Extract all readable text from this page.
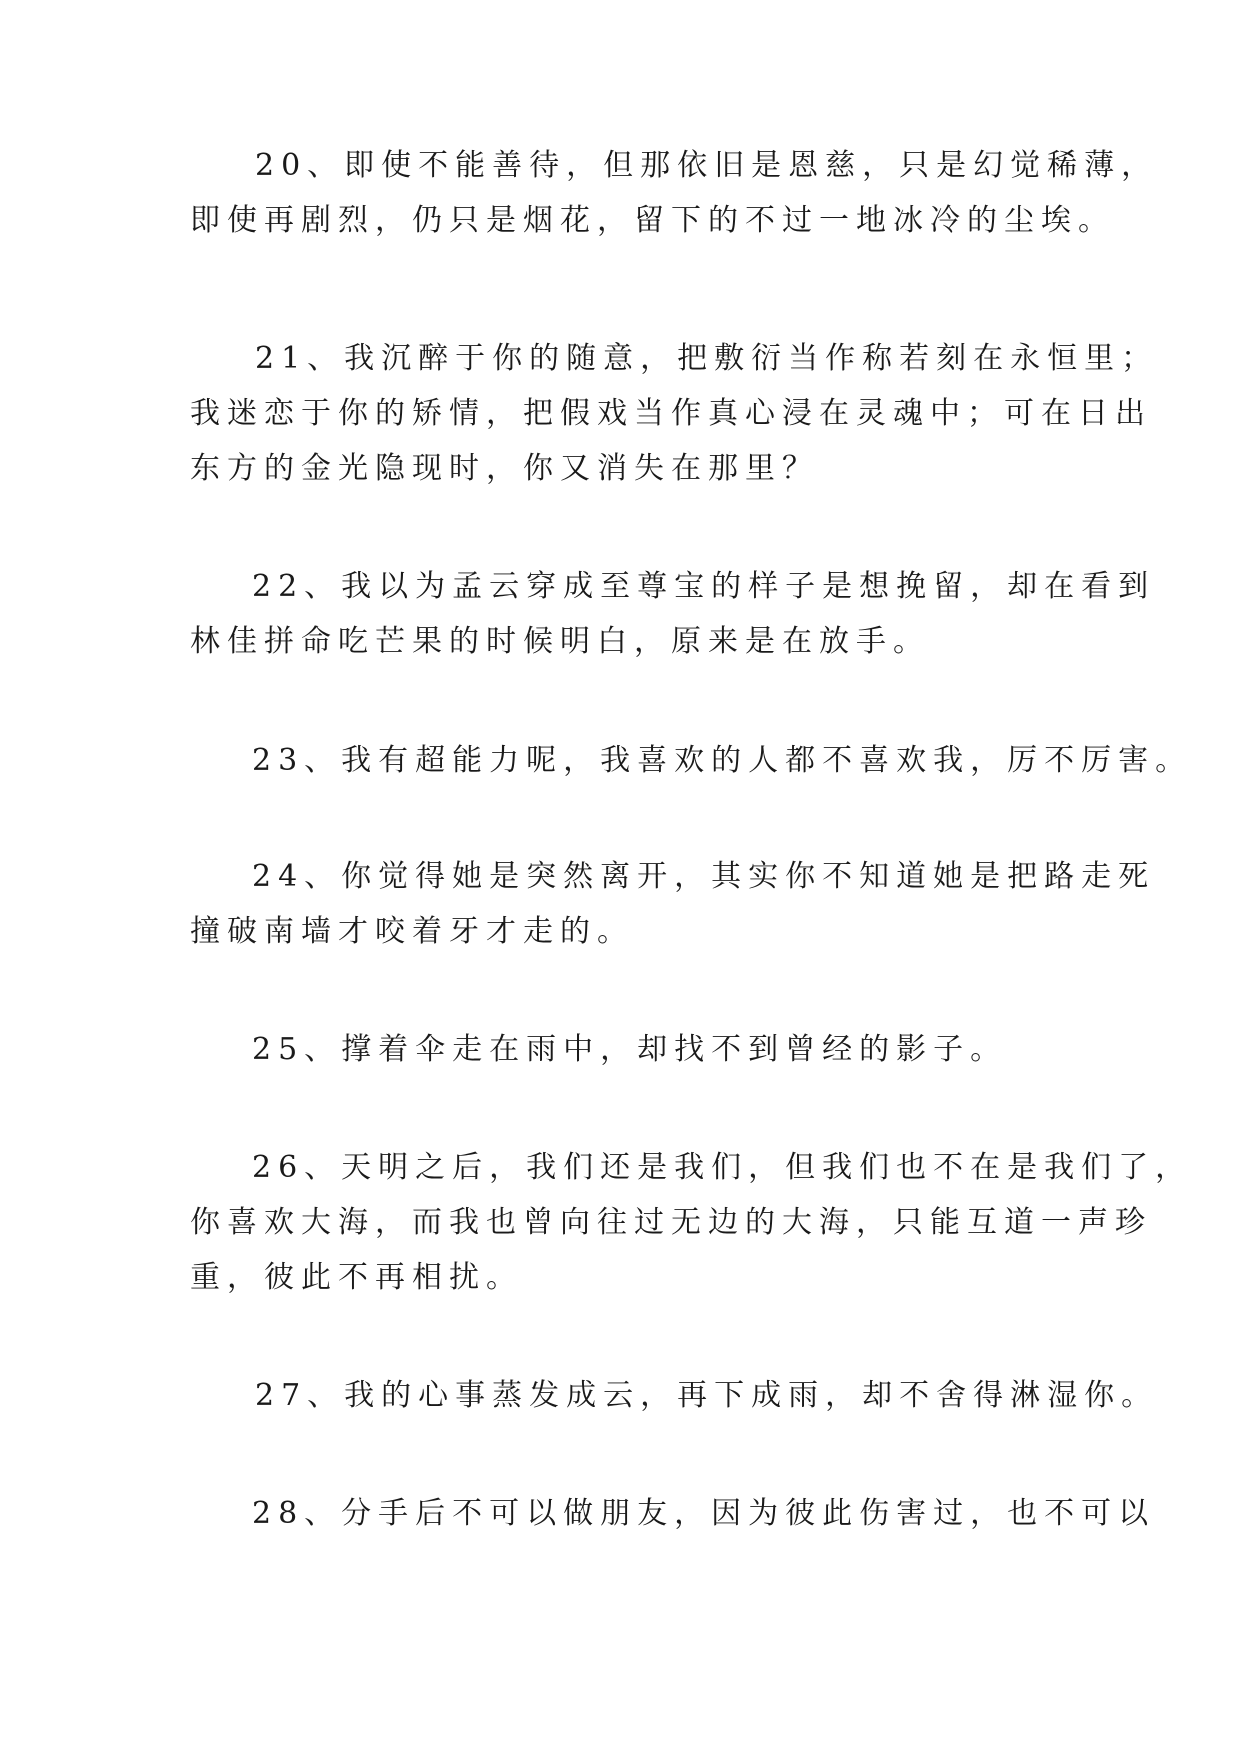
20、即使不能善待，但那依旧是恩慈，只是幻觉稀薄，
即使再剧烈，仍只是烟花，留下的不过一地冰冷的尘埃。
21、我沉醉于你的随意，把敷衍当作称若刻在永恒里；
我迷恋于你的矫情，把假戏当作真心浸在灵魂中；可在日出
东方的金光隐现时，你又消失在那里？
22、我以为孟云穿成至尊宝的样子是想挽留，却在看到
林佳拼命吃芒果的时候明白，原来是在放手。
23、我有超能力呢，我喜欢的人都不喜欢我，厉不厉害。
24、你觉得她是突然离开，其实你不知道她是把路走死
撞破南墙才咬着牙才走的。
25、撑着伞走在雨中，却找不到曾经的影子。
26、天明之后，我们还是我们，但我们也不在是我们了，
你喜欢大海，而我也曾向往过无边的大海，只能互道一声珍
重，彼此不再相扰。
27、我的心事蒸发成云，再下成雨，却不舍得淋湿你。
28、分手后不可以做朋友，因为彼此伤害过，也不可以
